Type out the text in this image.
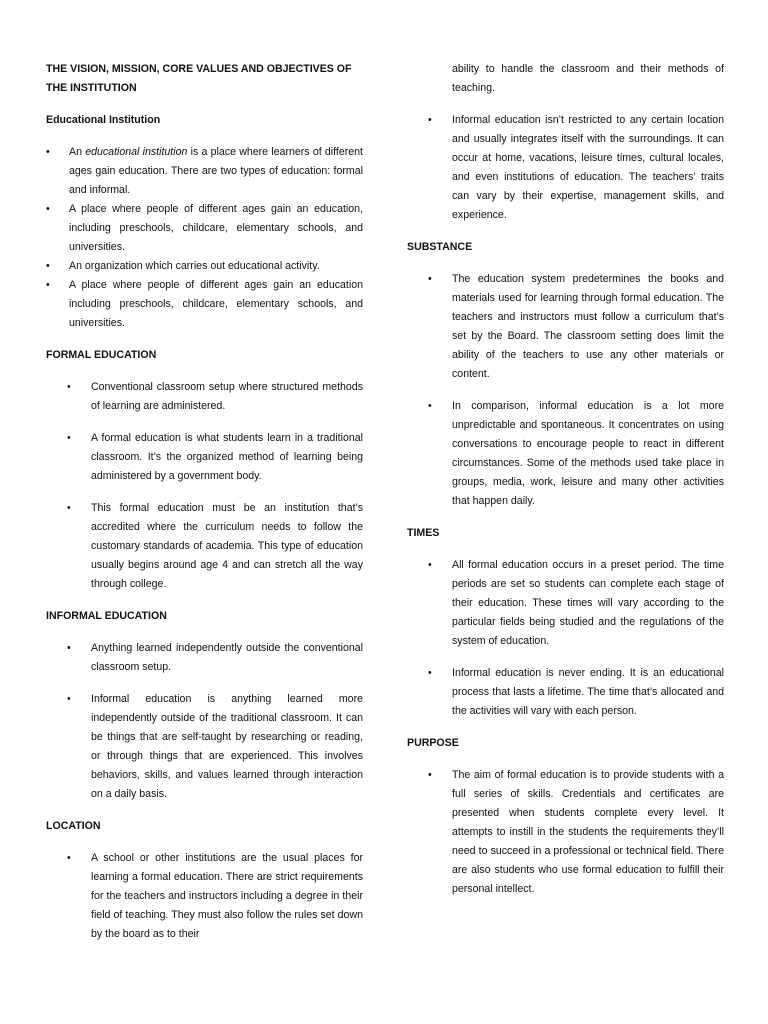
THE VISION, MISSION, CORE VALUES AND OBJECTIVES OF THE INSTITUTION

Educational Institution

• An educational institution is a place where learners of different ages gain education. There are two types of education: formal and informal.
• A place where people of different ages gain an education, including preschools, childcare, elementary schools, and universities.
• An organization which carries out educational activity.
• A place where people of different ages gain an education including preschools, childcare, elementary schools, and universities.

FORMAL EDUCATION

• Conventional classroom setup where structured methods of learning are administered.
• A formal education is what students learn in a traditional classroom. It’s the organized method of learning being administered by a government body.
• This formal education must be an institution that’s accredited where the curriculum needs to follow the customary standards of academia. This type of education usually begins around age 4 and can stretch all the way through college.

INFORMAL EDUCATION

• Anything learned independently outside the conventional classroom setup.
• Informal education is anything learned more independently outside of the traditional classroom. It can be things that are self-taught by researching or reading, or through things that are experienced. This involves behaviors, skills, and values learned through interaction on a daily basis.

LOCATION

• A school or other institutions are the usual places for learning a formal education. There are strict requirements for the teachers and instructors including a degree in their field of teaching. They must also follow the rules set down by the board as to their
ability to handle the classroom and their methods of teaching.
• Informal education isn’t restricted to any certain location and usually integrates itself with the surroundings. It can occur at home, vacations, leisure times, cultural locales, and even institutions of education. The teachers’ traits can vary by their expertise, management skills, and experience.

SUBSTANCE

• The education system predetermines the books and materials used for learning through formal education. The teachers and instructors must follow a curriculum that’s set by the Board. The classroom setting does limit the ability of the teachers to use any other materials or content.
• In comparison, informal education is a lot more unpredictable and spontaneous. It concentrates on using conversations to encourage people to react in different circumstances. Some of the methods used take place in groups, media, work, leisure and many other activities that happen daily.

TIMES

• All formal education occurs in a preset period. The time periods are set so students can complete each stage of their education. These times will vary according to the particular fields being studied and the regulations of the system of education.
• Informal education is never ending. It is an educational process that lasts a lifetime. The time that’s allocated and the activities will vary with each person.

PURPOSE

• The aim of formal education is to provide students with a full series of skills. Credentials and certificates are presented when students complete every level. It attempts to instill in the students the requirements they’ll need to succeed in a professional or technical field. There are also students who use formal education to fulfill their personal intellect.
